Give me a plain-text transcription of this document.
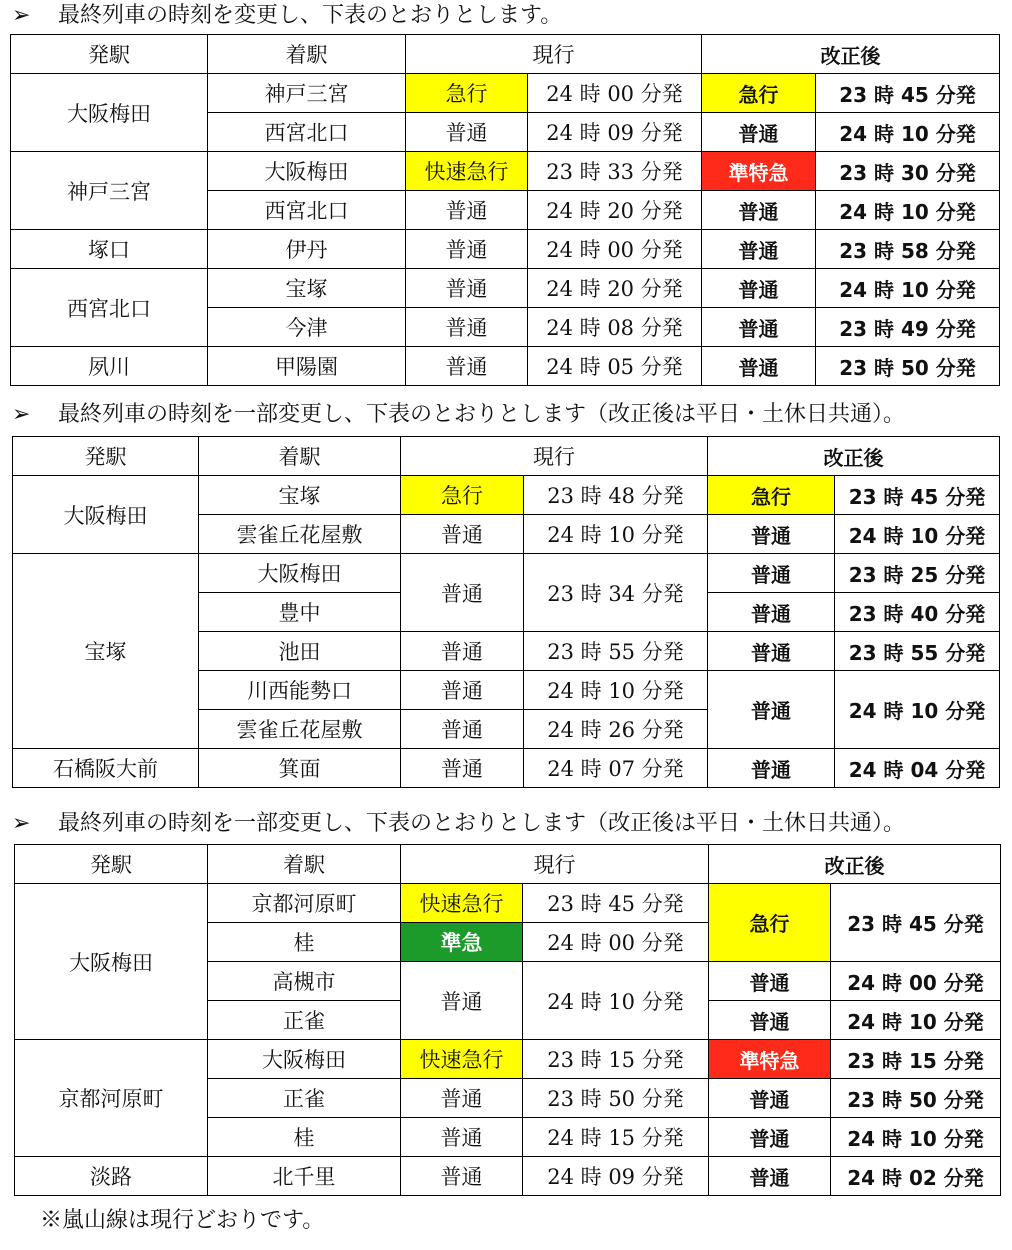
➢ 最終列車の時刻を変更し、下表のとおりとします。
発駅	着駅	現行		改正後	
大阪梅田	神戸三宮	急行	24 時 00 分発	急行	23 時 45 分発
	西宮北口	普通	24 時 09 分発	普通	24 時 10 分発
神戸三宮	大阪梅田	快速急行	23 時 33 分発	準特急	23 時 30 分発
	西宮北口	普通	24 時 20 分発	普通	24 時 10 分発
塚口	伊丹	普通	24 時 00 分発	普通	23 時 58 分発
西宮北口	宝塚	普通	24 時 20 分発	普通	24 時 10 分発
	今津	普通	24 時 08 分発	普通	23 時 49 分発
夙川	甲陽園	普通	24 時 05 分発	普通	23 時 50 分発
➢ 最終列車の時刻を一部変更し、下表のとおりとします（改正後は平日・土休日共通）。
発駅	着駅	現行		改正後	
大阪梅田	宝塚	急行	23 時 48 分発	急行	23 時 45 分発
	雲雀丘花屋敷	普通	24 時 10 分発	普通	24 時 10 分発
宝塚	大阪梅田	普通	23 時 34 分発	普通	23 時 25 分発
	豊中			普通	23 時 40 分発
	池田	普通	23 時 55 分発	普通	23 時 55 分発
	川西能勢口	普通	24 時 10 分発	普通	24 時 10 分発
	雲雀丘花屋敷	普通	24 時 26 分発		
石橋阪大前	箕面	普通	24 時 07 分発	普通	24 時 04 分発
➢ 最終列車の時刻を一部変更し、下表のとおりとします（改正後は平日・土休日共通）。
発駅	着駅	現行		改正後	
大阪梅田	京都河原町	快速急行	23 時 45 分発	急行	23 時 45 分発
	桂	準急	24 時 00 分発		
	高槻市	普通	24 時 10 分発	普通	24 時 00 分発
	正雀			普通	24 時 10 分発
京都河原町	大阪梅田	快速急行	23 時 15 分発	準特急	23 時 15 分発
	正雀	普通	23 時 50 分発	普通	23 時 50 分発
	桂	普通	24 時 15 分発	普通	24 時 10 分発
淡路	北千里	普通	24 時 09 分発	普通	24 時 02 分発
※嵐山線は現行どおりです。
